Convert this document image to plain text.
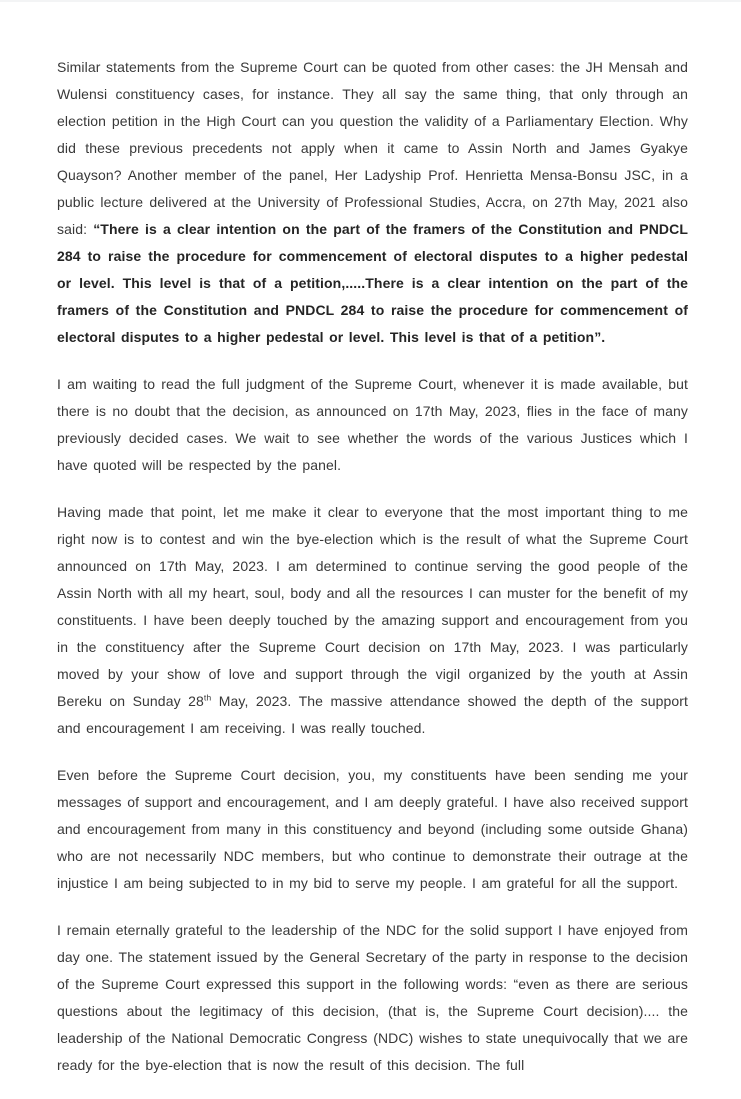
Similar statements from the Supreme Court can be quoted from other cases: the JH Mensah and Wulensi constituency cases, for instance. They all say the same thing, that only through an election petition in the High Court can you question the validity of a Parliamentary Election. Why did these previous precedents not apply when it came to Assin North and James Gyakye Quayson? Another member of the panel, Her Ladyship Prof. Henrietta Mensa-Bonsu JSC, in a public lecture delivered at the University of Professional Studies, Accra, on 27th May, 2021 also said: “There is a clear intention on the part of the framers of the Constitution and PNDCL 284 to raise the procedure for commencement of electoral disputes to a higher pedestal or level. This level is that of a petition,.....There is a clear intention on the part of the framers of the Constitution and PNDCL 284 to raise the procedure for commencement of electoral disputes to a higher pedestal or level. This level is that of a petition”.

I am waiting to read the full judgment of the Supreme Court, whenever it is made available, but there is no doubt that the decision, as announced on 17th May, 2023, flies in the face of many previously decided cases. We wait to see whether the words of the various Justices which I have quoted will be respected by the panel.

Having made that point, let me make it clear to everyone that the most important thing to me right now is to contest and win the bye-election which is the result of what the Supreme Court announced on 17th May, 2023. I am determined to continue serving the good people of the Assin North with all my heart, soul, body and all the resources I can muster for the benefit of my constituents. I have been deeply touched by the amazing support and encouragement from you in the constituency after the Supreme Court decision on 17th May, 2023. I was particularly moved by your show of love and support through the vigil organized by the youth at Assin Bereku on Sunday 28th May, 2023. The massive attendance showed the depth of the support and encouragement I am receiving. I was really touched.

Even before the Supreme Court decision, you, my constituents have been sending me your messages of support and encouragement, and I am deeply grateful. I have also received support and encouragement from many in this constituency and beyond (including some outside Ghana) who are not necessarily NDC members, but who continue to demonstrate their outrage at the injustice I am being subjected to in my bid to serve my people. I am grateful for all the support.

I remain eternally grateful to the leadership of the NDC for the solid support I have enjoyed from day one. The statement issued by the General Secretary of the party in response to the decision of the Supreme Court expressed this support in the following words: “even as there are serious questions about the legitimacy of this decision, (that is, the Supreme Court decision).... the leadership of the National Democratic Congress (NDC) wishes to state unequivocally that we are ready for the bye-election that is now the result of this decision. The full
